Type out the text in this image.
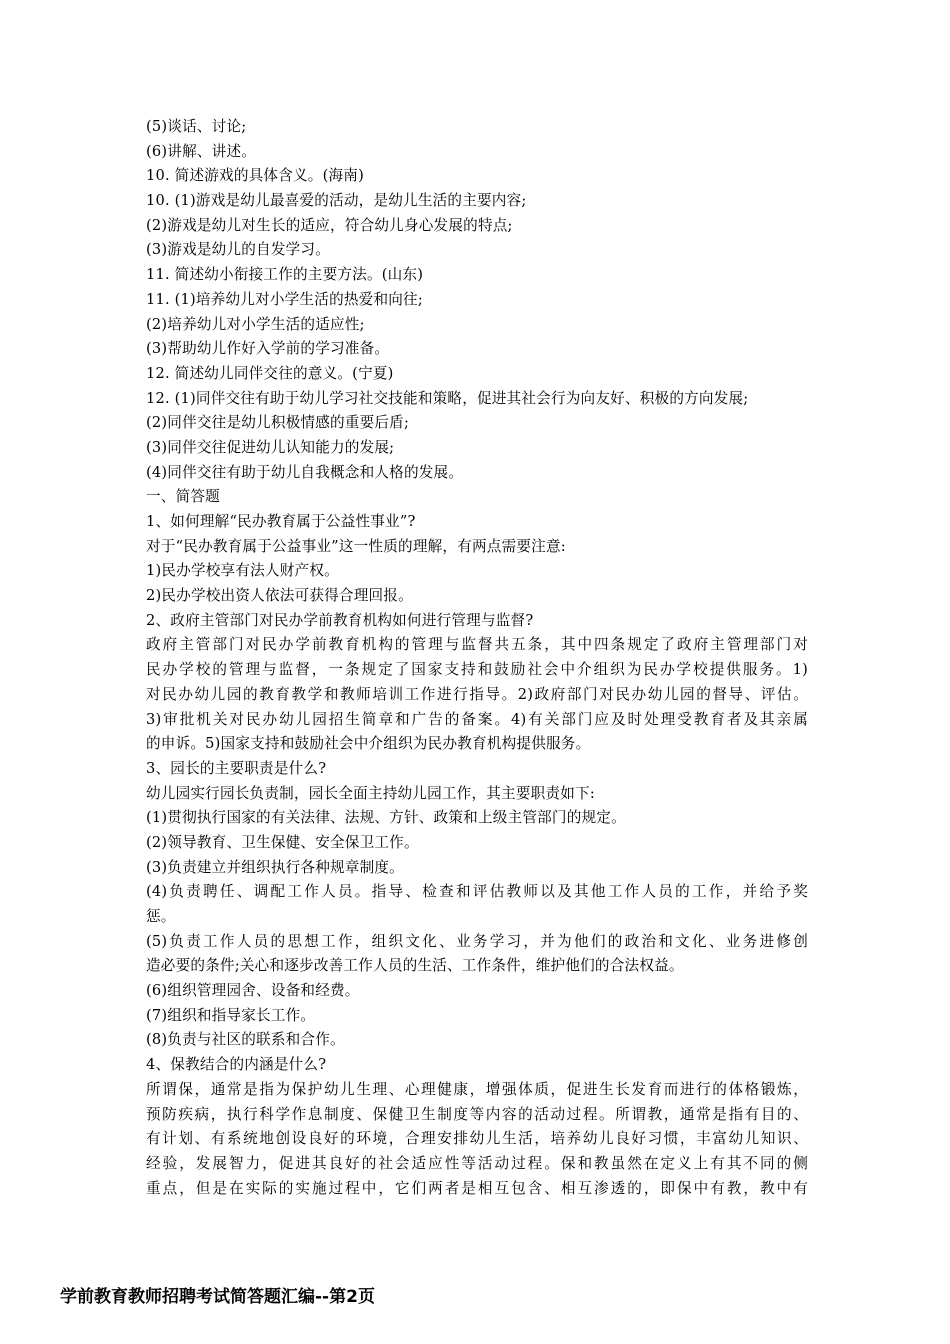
(5)谈话、讨论;
(6)讲解、讲述。
10. 简述游戏的具体含义。(海南)
10. (1)游戏是幼儿最喜爱的活动，是幼儿生活的主要内容;
(2)游戏是幼儿对生长的适应，符合幼儿身心发展的特点;
(3)游戏是幼儿的自发学习。
11. 简述幼小衔接工作的主要方法。(山东)
11. (1)培养幼儿对小学生活的热爱和向往;
(2)培养幼儿对小学生活的适应性;
(3)帮助幼儿作好入学前的学习准备。
12. 简述幼儿同伴交往的意义。(宁夏)
12. (1)同伴交往有助于幼儿学习社交技能和策略，促进其社会行为向友好、积极的方向发展;
(2)同伴交往是幼儿积极情感的重要后盾;
(3)同伴交往促进幼儿认知能力的发展;
(4)同伴交往有助于幼儿自我概念和人格的发展。
一、简答题
1、如何理解“民办教育属于公益性事业”?
对于“民办教育属于公益事业”这一性质的理解，有两点需要注意:
1)民办学校享有法人财产权。
2)民办学校出资人依法可获得合理回报。
2、政府主管部门对民办学前教育机构如何进行管理与监督?
政府主管部门对民办学前教育机构的管理与监督共五条，其中四条规定了政府主管理部门对
民办学校的管理与监督，一条规定了国家支持和鼓励社会中介组织为民办学校提供服务。1)
对民办幼儿园的教育教学和教师培训工作进行指导。2)政府部门对民办幼儿园的督导、评估。
3)审批机关对民办幼儿园招生简章和广告的备案。4)有关部门应及时处理受教育者及其亲属
的申诉。5)国家支持和鼓励社会中介组织为民办教育机构提供服务。
3、园长的主要职责是什么?
幼儿园实行园长负责制，园长全面主持幼儿园工作，其主要职责如下:
(1)贯彻执行国家的有关法律、法规、方针、政策和上级主管部门的规定。
(2)领导教育、卫生保健、安全保卫工作。
(3)负责建立并组织执行各种规章制度。
(4)负责聘任、调配工作人员。指导、检查和评估教师以及其他工作人员的工作，并给予奖
惩。
(5)负责工作人员的思想工作，组织文化、业务学习，并为他们的政治和文化、业务进修创
造必要的条件;关心和逐步改善工作人员的生活、工作条件，维护他们的合法权益。
(6)组织管理园舍、设备和经费。
(7)组织和指导家长工作。
(8)负责与社区的联系和合作。
4、保教结合的内涵是什么?
所谓保，通常是指为保护幼儿生理、心理健康，增强体质，促进生长发育而进行的体格锻炼，
预防疾病，执行科学作息制度、保健卫生制度等内容的活动过程。所谓教，通常是指有目的、
有计划、有系统地创设良好的环境，合理安排幼儿生活，培养幼儿良好习惯，丰富幼儿知识、
经验，发展智力，促进其良好的社会适应性等活动过程。保和教虽然在定义上有其不同的侧
重点，但是在实际的实施过程中，它们两者是相互包含、相互渗透的，即保中有教，教中有
学前教育教师招聘考试简答题汇编--第2页
